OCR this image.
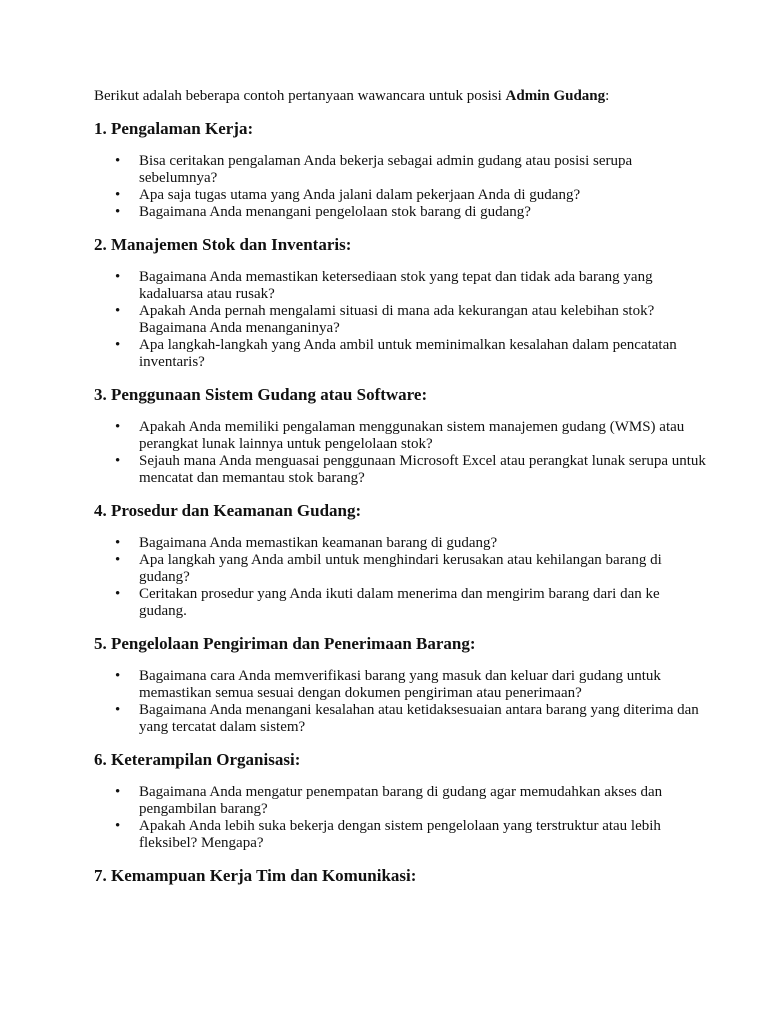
Berikut adalah beberapa contoh pertanyaan wawancara untuk posisi Admin Gudang:

1. Pengalaman Kerja:
• Bisa ceritakan pengalaman Anda bekerja sebagai admin gudang atau posisi serupa sebelumnya?
• Apa saja tugas utama yang Anda jalani dalam pekerjaan Anda di gudang?
• Bagaimana Anda menangani pengelolaan stok barang di gudang?
2. Manajemen Stok dan Inventaris:
• Bagaimana Anda memastikan ketersediaan stok yang tepat dan tidak ada barang yang kadaluarsa atau rusak?
• Apakah Anda pernah mengalami situasi di mana ada kekurangan atau kelebihan stok? Bagaimana Anda menanganinya?
• Apa langkah-langkah yang Anda ambil untuk meminimalkan kesalahan dalam pencatatan inventaris?
3. Penggunaan Sistem Gudang atau Software:
• Apakah Anda memiliki pengalaman menggunakan sistem manajemen gudang (WMS) atau perangkat lunak lainnya untuk pengelolaan stok?
• Sejauh mana Anda menguasai penggunaan Microsoft Excel atau perangkat lunak serupa untuk mencatat dan memantau stok barang?
4. Prosedur dan Keamanan Gudang:
• Bagaimana Anda memastikan keamanan barang di gudang?
• Apa langkah yang Anda ambil untuk menghindari kerusakan atau kehilangan barang di gudang?
• Ceritakan prosedur yang Anda ikuti dalam menerima dan mengirim barang dari dan ke gudang.
5. Pengelolaan Pengiriman dan Penerimaan Barang:
• Bagaimana cara Anda memverifikasi barang yang masuk dan keluar dari gudang untuk memastikan semua sesuai dengan dokumen pengiriman atau penerimaan?
• Bagaimana Anda menangani kesalahan atau ketidaksesuaian antara barang yang diterima dan yang tercatat dalam sistem?
6. Keterampilan Organisasi:
• Bagaimana Anda mengatur penempatan barang di gudang agar memudahkan akses dan pengambilan barang?
• Apakah Anda lebih suka bekerja dengan sistem pengelolaan yang terstruktur atau lebih fleksibel? Mengapa?
7. Kemampuan Kerja Tim dan Komunikasi:
